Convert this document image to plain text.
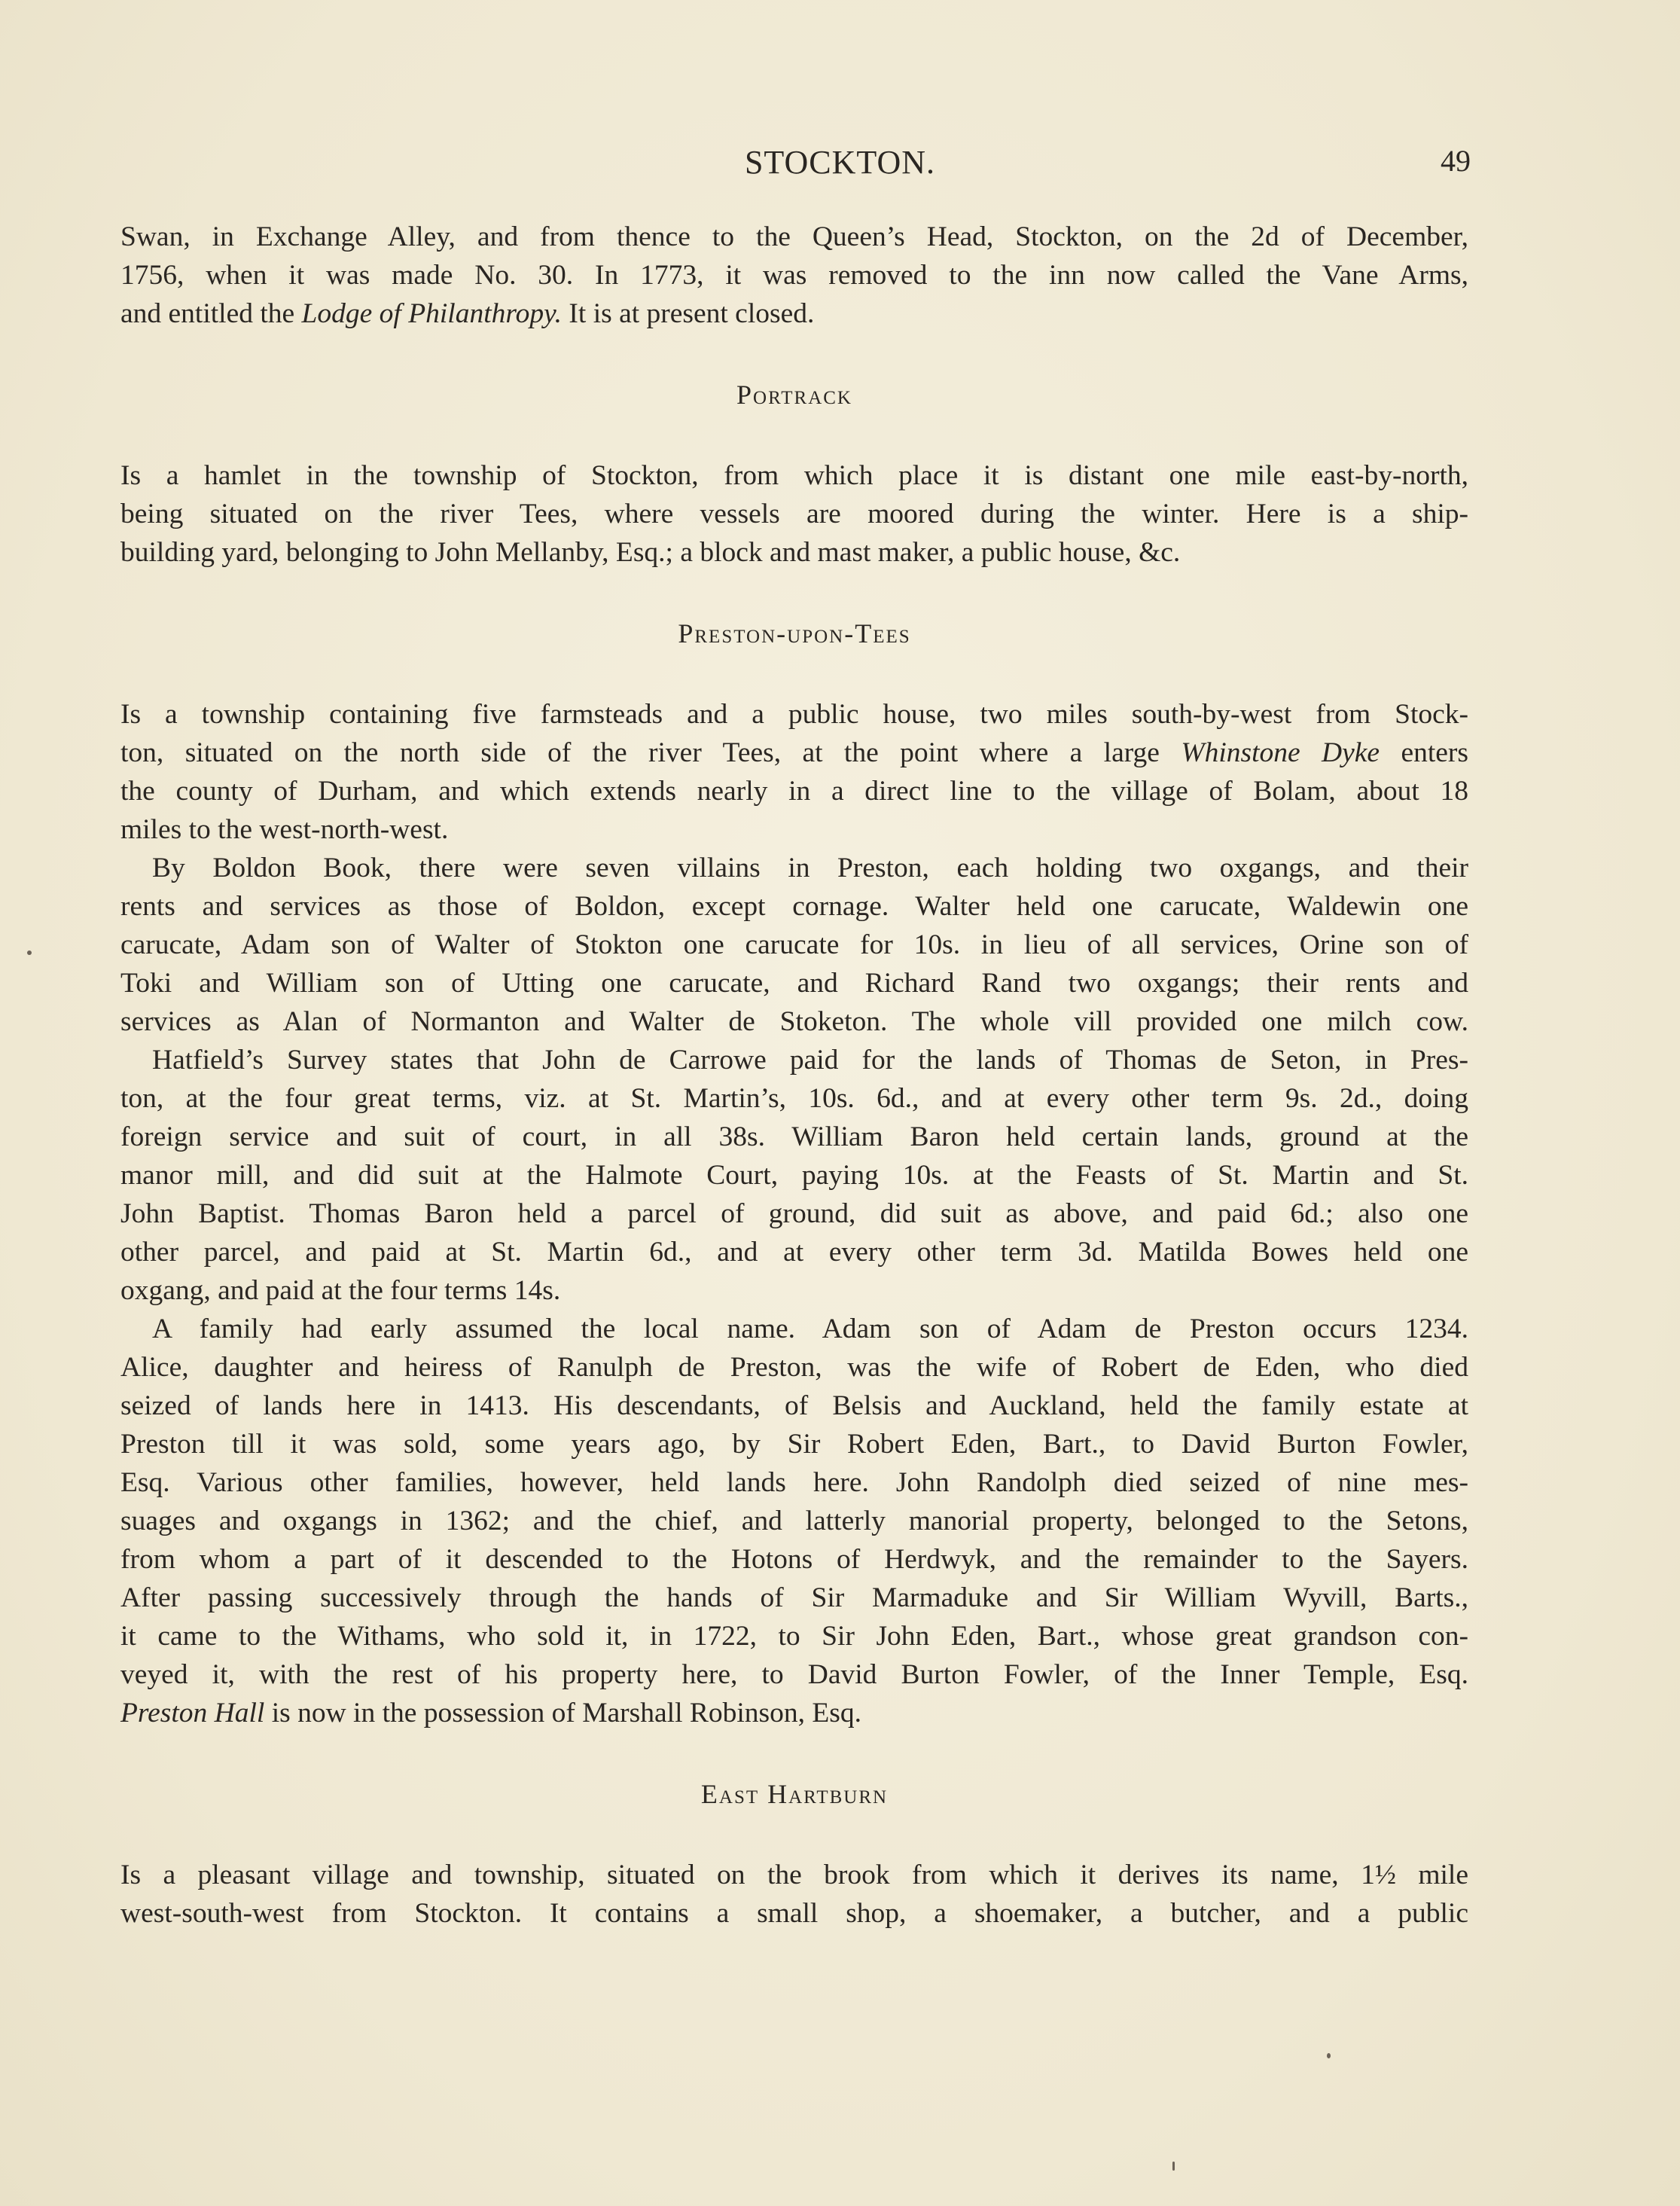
STOCKTON.	49
Swan, in Exchange Alley, and from thence to the Queen’s Head, Stockton, on the 2d of December,
1756, when it was made No. 30. In 1773, it was removed to the inn now called the Vane Arms,
and entitled the Lodge of Philanthropy. It is at present closed.
Portrack
Is a hamlet in the township of Stockton, from which place it is distant one mile east-by-north,
being situated on the river Tees, where vessels are moored during the winter. Here is a ship-
building yard, belonging to John Mellanby, Esq.; a block and mast maker, a public house, &c.
Preston-upon-Tees
Is a township containing five farmsteads and a public house, two miles south-by-west from Stock-
ton, situated on the north side of the river Tees, at the point where a large Whinstone Dyke enters
the county of Durham, and which extends nearly in a direct line to the village of Bolam, about 18
miles to the west-north-west.
By Boldon Book, there were seven villains in Preston, each holding two oxgangs, and their
rents and services as those of Boldon, except cornage. Walter held one carucate, Waldewin one
carucate, Adam son of Walter of Stokton one carucate for 10s. in lieu of all services, Orine son of
Toki and William son of Utting one carucate, and Richard Rand two oxgangs; their rents and
services as Alan of Normanton and Walter de Stoketon. The whole vill provided one milch cow.
Hatfield’s Survey states that John de Carrowe paid for the lands of Thomas de Seton, in Pres-
ton, at the four great terms, viz. at St. Martin’s, 10s. 6d., and at every other term 9s. 2d., doing
foreign service and suit of court, in all 38s. William Baron held certain lands, ground at the
manor mill, and did suit at the Halmote Court, paying 10s. at the Feasts of St. Martin and St.
John Baptist. Thomas Baron held a parcel of ground, did suit as above, and paid 6d.; also one
other parcel, and paid at St. Martin 6d., and at every other term 3d. Matilda Bowes held one
oxgang, and paid at the four terms 14s.
A family had early assumed the local name. Adam son of Adam de Preston occurs 1234.
Alice, daughter and heiress of Ranulph de Preston, was the wife of Robert de Eden, who died
seized of lands here in 1413. His descendants, of Belsis and Auckland, held the family estate at
Preston till it was sold, some years ago, by Sir Robert Eden, Bart., to David Burton Fowler,
Esq. Various other families, however, held lands here. John Randolph died seized of nine mes-
suages and oxgangs in 1362; and the chief, and latterly manorial property, belonged to the Setons,
from whom a part of it descended to the Hotons of Herdwyk, and the remainder to the Sayers.
After passing successively through the hands of Sir Marmaduke and Sir William Wyvill, Barts.,
it came to the Withams, who sold it, in 1722, to Sir John Eden, Bart., whose great grandson con-
veyed it, with the rest of his property here, to David Burton Fowler, of the Inner Temple, Esq.
Preston Hall is now in the possession of Marshall Robinson, Esq.
East Hartburn
Is a pleasant village and township, situated on the brook from which it derives its name, 1½ mile
west-south-west from Stockton. It contains a small shop, a shoemaker, a butcher, and a public
